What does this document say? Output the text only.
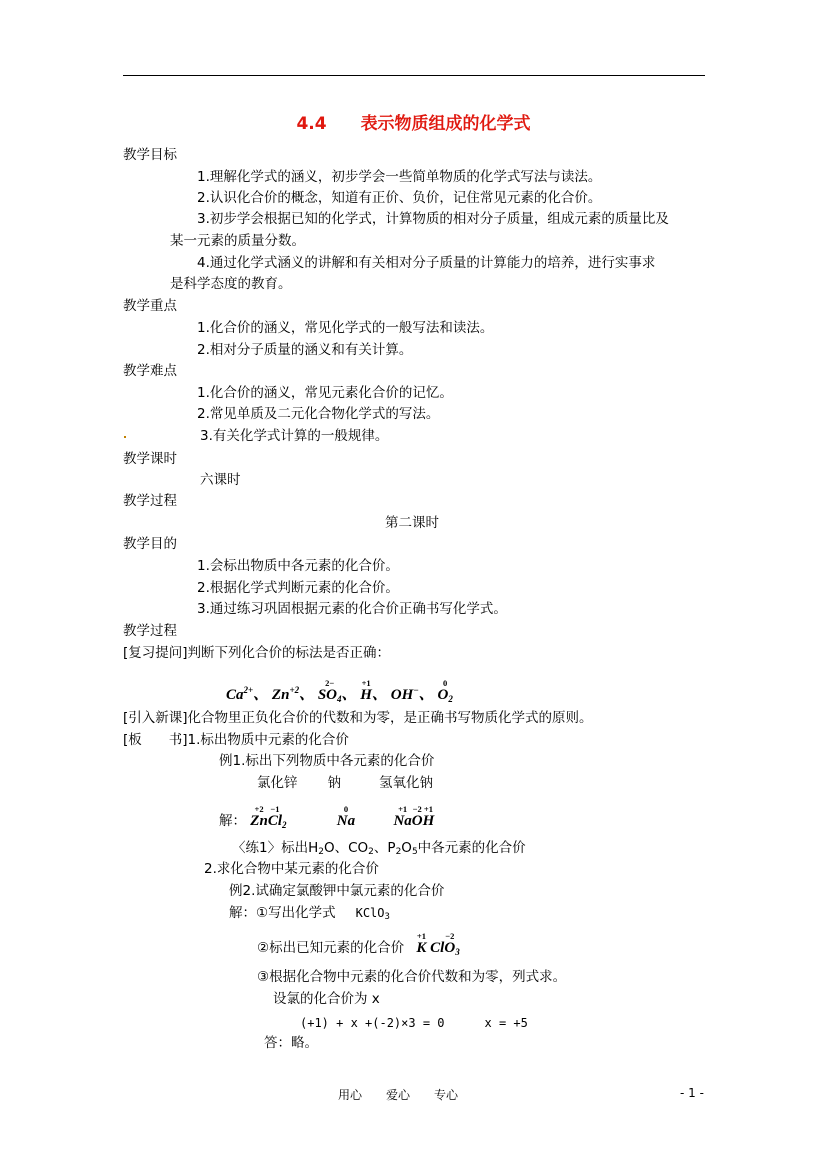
4.4 表示物质组成的化学式
教学目标
1.理解化学式的涵义，初步学会一些简单物质的化学式写法与读法。
2.认识化合价的概念，知道有正价、负价，记住常见元素的化合价。
3.初步学会根据已知的化学式，计算物质的相对分子质量，组成元素的质量比及
某一元素的质量分数。
4.通过化学式涵义的讲解和有关相对分子质量的计算能力的培养，进行实事求
是科学态度的教育。
教学重点
1.化合价的涵义，常见化学式的一般写法和读法。
2.相对分子质量的涵义和有关计算。
教学难点
1.化合价的涵义，常见元素化合价的记忆。
2.常见单质及二元化合物化学式的写法。
3.有关化学式计算的一般规律。
教学课时
六课时
教学过程
第二课时
教学目的
1.会标出物质中各元素的化合价。
2.根据化学式判断元素的化合价。
3.通过练习巩固根据元素的化合价正确书写化学式。
教学过程
[复习提问]判断下列化合价的标法是否正确：
$Ca^{2+}$、 $Zn^{+2}$、
2−
$SO_4$、
+1
H、 OH−、
0
$O_2$
[引入新课]化合物里正负化合价的代数和为零，是正确书写物质化学式的原则。
[板　　书]1.标出物质中元素的化合价
例1.标出下列物质中各元素的化合价
氯化锌 钠	氢氧化钠
解：
+2
Zn
−1
$Cl_2$
0
Na
+1
Na
−2
O
+1
H
〈练1〉标出H2O、CO2、P2O5中各元素的化合价
2.求化合物中某元素的化合价
例2.试确定氯酸钾中氯元素的化合价
解：①写出化学式 KClO3
②标出已知元素的化合价
+1
K Cl
−2
$O_3$
③根据化合物中元素的化合价代数和为零，列式求。
设氯的化合价为 x
(+1) + x +(-2)×3 = 0	x = +5
答：略。
用心 爱心 专心	- 1 -
